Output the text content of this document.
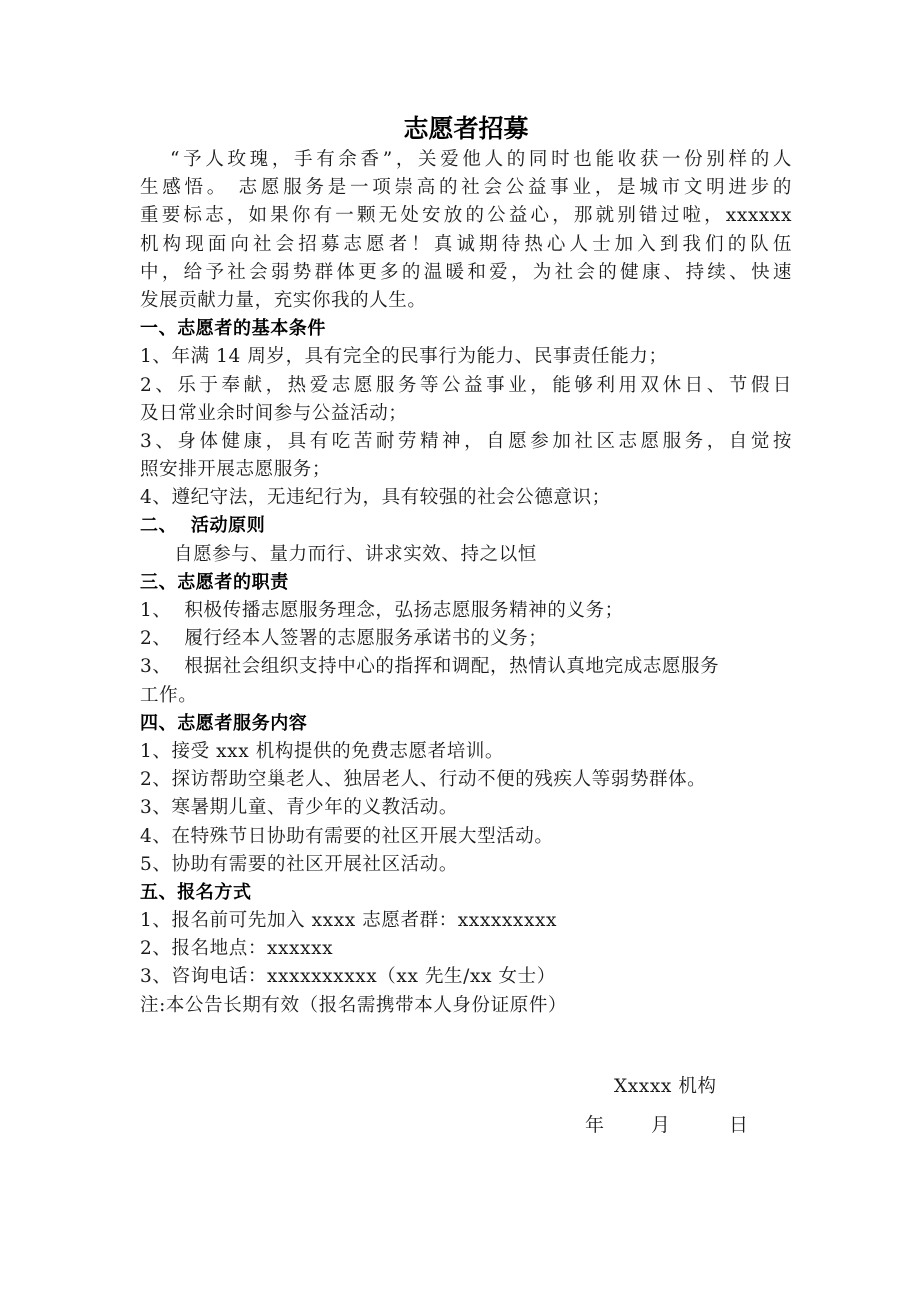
志愿者招募

“予人玫瑰，手有余香”，关爱他人的同时也能收获一份别样的人

生感悟。 志愿服务是一项崇高的社会公益事业，是城市文明进步的

重要标志，如果你有一颗无处安放的公益心，那就别错过啦，xxxxxx

机构现面向社会招募志愿者！真诚期待热心人士加入到我们的队伍

中，给予社会弱势群体更多的温暖和爱，为社会的健康、持续、快速

发展贡献力量，充实你我的人生。

一、志愿者的基本条件

1、年满 14 周岁，具有完全的民事行为能力、民事责任能力；

2、乐于奉献，热爱志愿服务等公益事业，能够利用双休日、节假日

及日常业余时间参与公益活动；

3、身体健康，具有吃苦耐劳精神，自愿参加社区志愿服务，自觉按

照安排开展志愿服务；

4、遵纪守法，无违纪行为，具有较强的社会公德意识；

二、  活动原则

自愿参与、量力而行、讲求实效、持之以恒

三、志愿者的职责

1、  积极传播志愿服务理念，弘扬志愿服务精神的义务；

2、  履行经本人签署的志愿服务承诺书的义务；

3、  根据社会组织支持中心的指挥和调配，热情认真地完成志愿服务

工作。

四、志愿者服务内容

1、接受 xxx 机构提供的免费志愿者培训。

2、探访帮助空巢老人、独居老人、行动不便的残疾人等弱势群体。

3、寒暑期儿童、青少年的义教活动。

4、在特殊节日协助有需要的社区开展大型活动。

5、协助有需要的社区开展社区活动。

五、报名方式

1、报名前可先加入 xxxx 志愿者群：xxxxxxxxx

2、报名地点：xxxxxx

3、咨询电话：xxxxxxxxxx（xx 先生/xx 女士）

注:本公告长期有效（报名需携带本人身份证原件）

Xxxxx 机构
年 月	日
